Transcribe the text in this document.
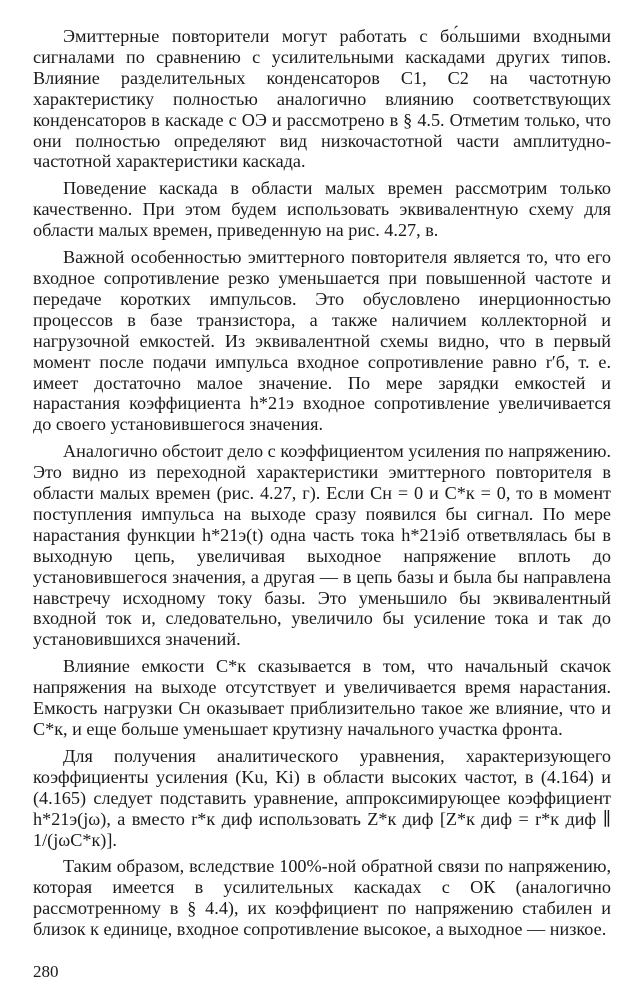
Эмиттерные повторители могут работать с бо́льшими входными сигналами по сравнению с усилительными каскадами других типов. Влияние разделительных конденсаторов C1, C2 на частотную характеристику полностью аналогично влиянию соответствующих конденсаторов в каскаде с ОЭ и рассмотрено в § 4.5. Отметим только, что они полностью определяют вид низкочастотной части амплитудно-частотной характеристики каскада.

Поведение каскада в области малых времен рассмотрим только качественно. При этом будем использовать эквивалентную схему для области малых времен, приведенную на рис. 4.27, в.

Важной особенностью эмиттерного повторителя является то, что его входное сопротивление резко уменьшается при повышенной частоте и передаче коротких импульсов. Это обусловлено инерционностью процессов в базе транзистора, а также наличием коллекторной и нагрузочной емкостей. Из эквивалентной схемы видно, что в первый момент после подачи импульса входное сопротивление равно r′б, т. е. имеет достаточно малое значение. По мере зарядки емкостей и нарастания коэффициента h*21э входное сопротивление увеличивается до своего установившегося значения.

Аналогично обстоит дело с коэффициентом усиления по напряжению. Это видно из переходной характеристики эмиттерного повторителя в области малых времен (рис. 4.27, г). Если Cн = 0 и C*к = 0, то в момент поступления импульса на выходе сразу появился бы сигнал. По мере нарастания функции h*21э(t) одна часть тока h*21эiб ответвлялась бы в выходную цепь, увеличивая выходное напряжение вплоть до установившегося значения, а другая — в цепь базы и была бы направлена навстречу исходному току базы. Это уменьшило бы эквивалентный входной ток и, следовательно, увеличило бы усиление тока и так до установившихся значений.

Влияние емкости C*к сказывается в том, что начальный скачок напряжения на выходе отсутствует и увеличивается время нарастания. Емкость нагрузки Cн оказывает приблизительно такое же влияние, что и C*к, и еще больше уменьшает крутизну начального участка фронта.

Для получения аналитического уравнения, характеризующего коэффициенты усиления (Ku, Ki) в области высоких частот, в (4.164) и (4.165) следует подставить уравнение, аппроксимирующее коэффициент h*21э(jω), а вместо r*к диф использовать Z*к диф [Z*к диф = r*к диф ∥ 1/(jωC*к)].

Таким образом, вследствие 100%-ной обратной связи по напряжению, которая имеется в усилительных каскадах с ОК (аналогично рассмотренному в § 4.4), их коэффициент по напряжению стабилен и близок к единице, входное сопротивление высокое, а выходное — низкое.

280
